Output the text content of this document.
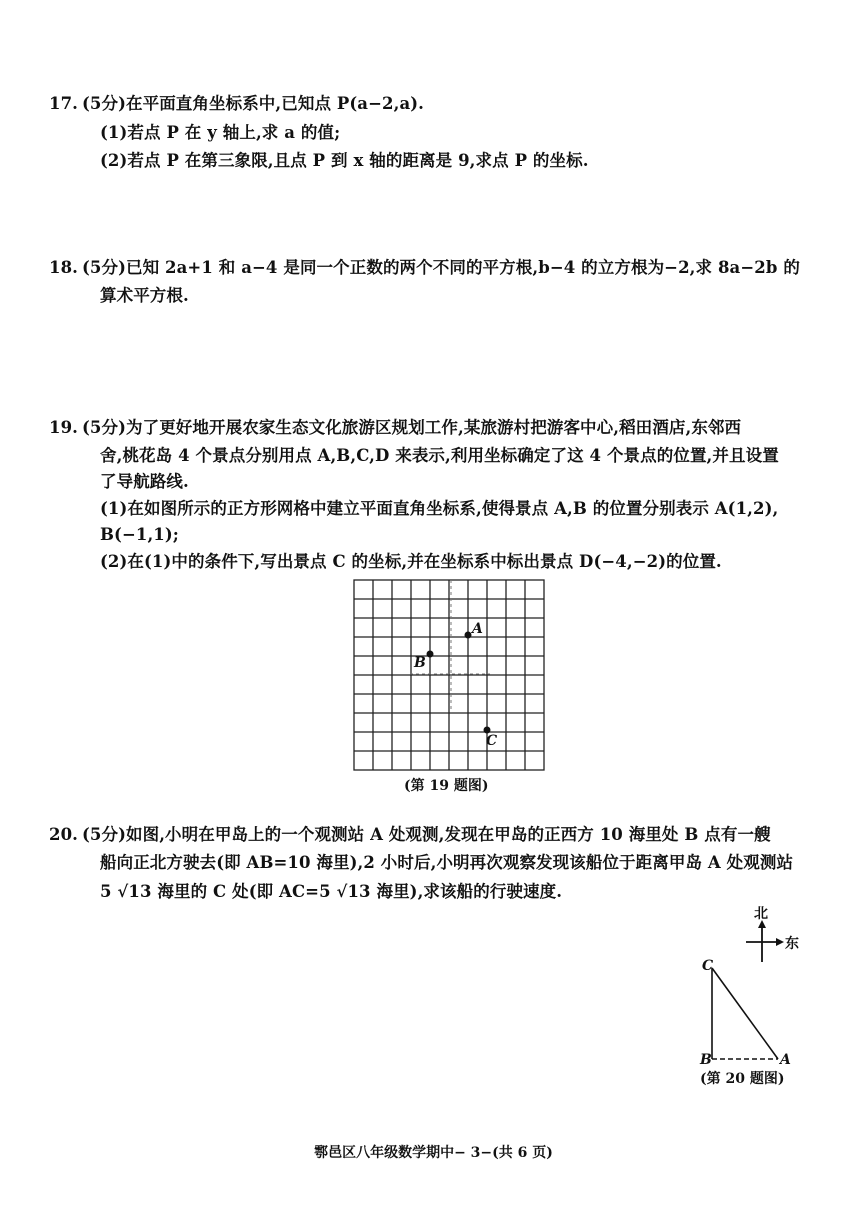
17. (5分)在平面直角坐标系中,已知点 P(a−2,a).
(1)若点 P 在 y 轴上,求 a 的值;
(2)若点 P 在第三象限,且点 P 到 x 轴的距离是 9,求点 P 的坐标.
18. (5分)已知 2a+1 和 a−4 是同一个正数的两个不同的平方根,b−4 的立方根为−2,求 8a−2b 的
算术平方根.
19. (5分)为了更好地开展农家生态文化旅游区规划工作,某旅游村把游客中心,稻田酒店,东邻西
舍,桃花岛 4 个景点分别用点 A,B,C,D 来表示,利用坐标确定了这 4 个景点的位置,并且设置
了导航路线.
(1)在如图所示的正方形网格中建立平面直角坐标系,使得景点 A,B 的位置分别表示 A(1,2),
B(−1,1);
(2)在(1)中的条件下,写出景点 C 的坐标,并在坐标系中标出景点 D(−4,−2)的位置.
A
B
C
(第 19 题图)
20. (5分)如图,小明在甲岛上的一个观测站 A 处观测,发现在甲岛的正西方 10 海里处 B 点有一艘
船向正北方驶去(即 AB=10 海里),2 小时后,小明再次观察发现该船位于距离甲岛 A 处观测站
5 √13 海里的 C 处(即 AC=5 √13 海里),求该船的行驶速度.
北
东
C
B	A
(第 20 题图)
鄠邑区八年级数学期中− 3−(共 6 页)
